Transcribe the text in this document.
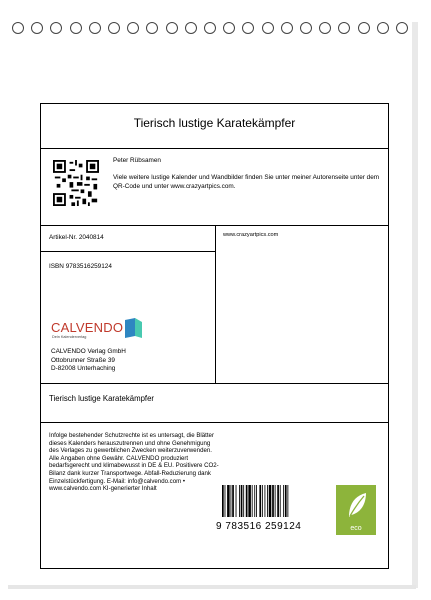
Tierisch lustige Karatekämpfer
Peter Rübsamen
Viele weitere lustige Kalender und Wandbilder finden Sie unter meiner Autorenseite unter dem QR-Code und unter www.crazyartpics.com.
Artikel-Nr. 2040814	www.crazyartpics.com
ISBN 9783516259124
CALVENDO
Dein Kalenderverlag
CALVENDO Verlag GmbH
Ottobrunner Straße 39
D-82008 Unterhaching
Tierisch lustige Karatekämpfer
Infolge bestehender Schutzrechte ist es untersagt, die Blätter dieses Kalenders herauszutrennen und ohne Genehmigung des Verlages zu gewerblichen Zwecken weiterzuverwenden. Alle Angaben ohne Gewähr. CALVENDO produziert bedarfsgerecht und klimabewusst in DE & EU. Positivere CO2-Bilanz dank kurzer Transportwege. Abfall-Reduzierung dank Einzelstückfertigung. E-Mail: info@calvendo.com • www.calvendo.com KI-generierter Inhalt
9 783516 259124	eco
